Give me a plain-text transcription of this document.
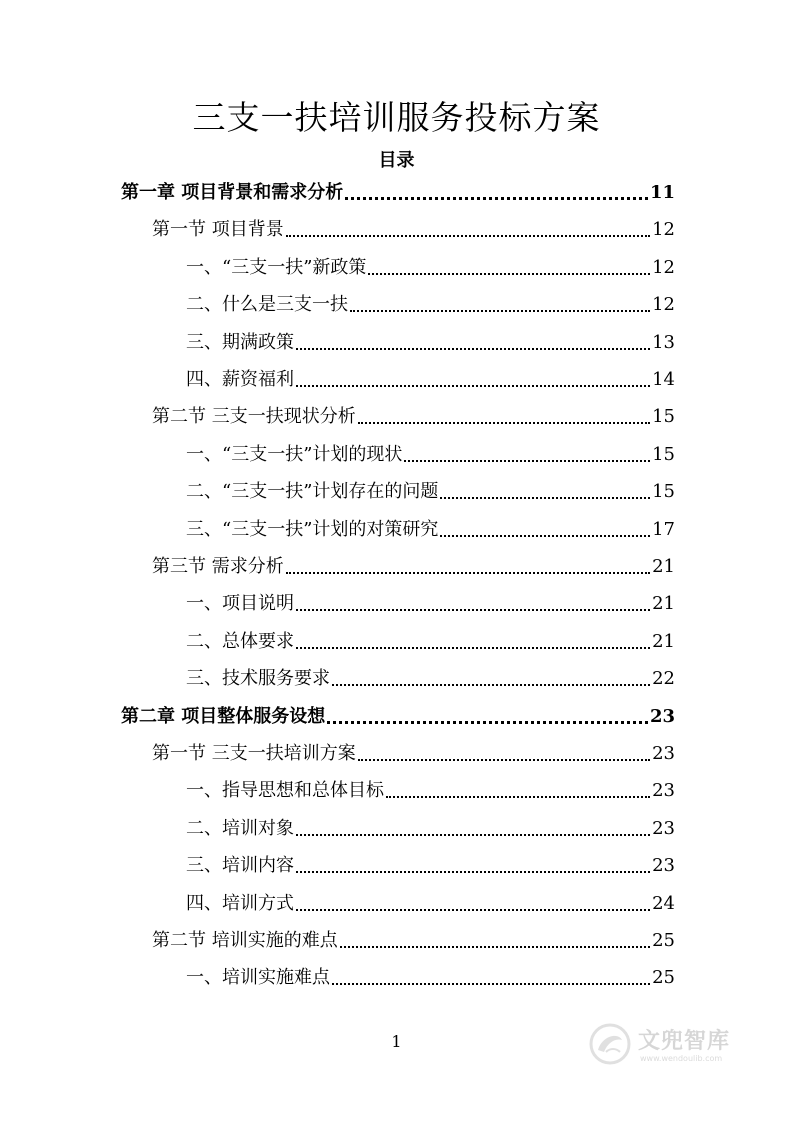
三支一扶培训服务投标方案
目录
第一章 项目背景和需求分析	11
第一节 项目背景	12
一、“三支一扶”新政策	12
二、什么是三支一扶	12
三、期满政策	13
四、薪资福利	14
第二节 三支一扶现状分析	15
一、“三支一扶”计划的现状	15
二、“三支一扶”计划存在的问题	15
三、“三支一扶”计划的对策研究	17
第三节 需求分析	21
一、项目说明	21
二、总体要求	21
三、技术服务要求	22
第二章 项目整体服务设想	23
第一节 三支一扶培训方案	23
一、指导思想和总体目标	23
二、培训对象	23
三、培训内容	23
四、培训方式	24
第二节 培训实施的难点	25
一、培训实施难点	25
1	文兜智库
www.wendoulib.com
